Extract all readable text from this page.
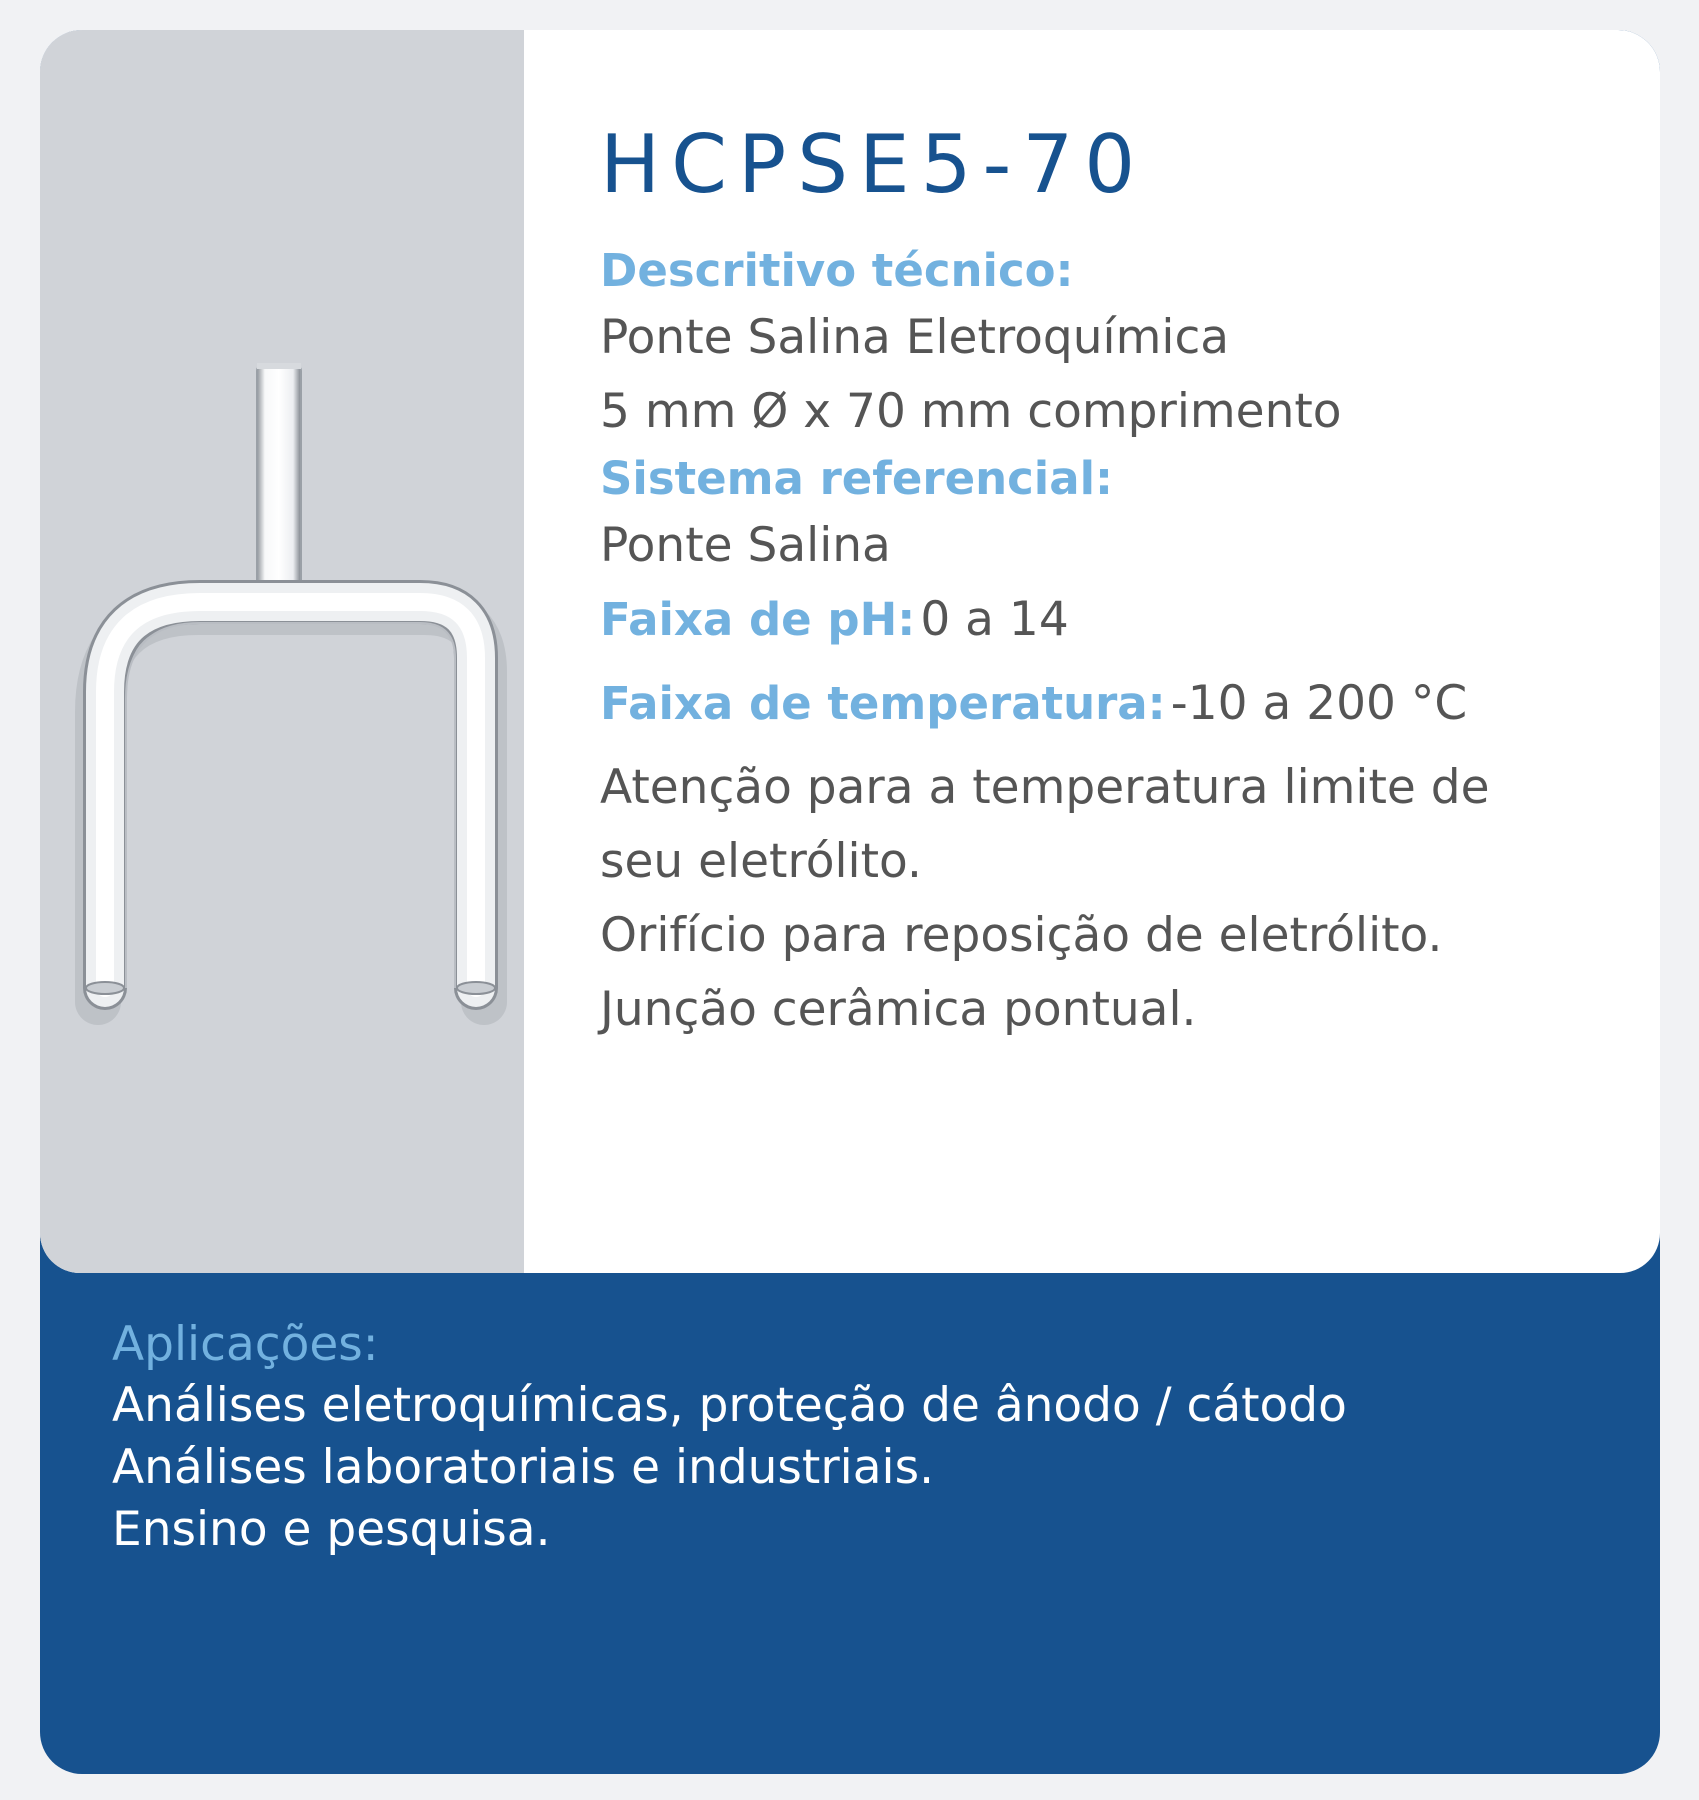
HCPSE5-70
Descritivo técnico:
Ponte Salina Eletroquímica
5 mm Ø x 70 mm comprimento
Sistema referencial:
Ponte Salina
Faixa de pH: 0 a 14
Faixa de temperatura: -10 a 200 °C
Atenção para a temperatura limite de
seu eletrólito.
Orifício para reposição de eletrólito.
Junção cerâmica pontual.
Aplicações:
Análises eletroquímicas, proteção de ânodo / cátodo
Análises laboratoriais e industriais.
Ensino e pesquisa.
